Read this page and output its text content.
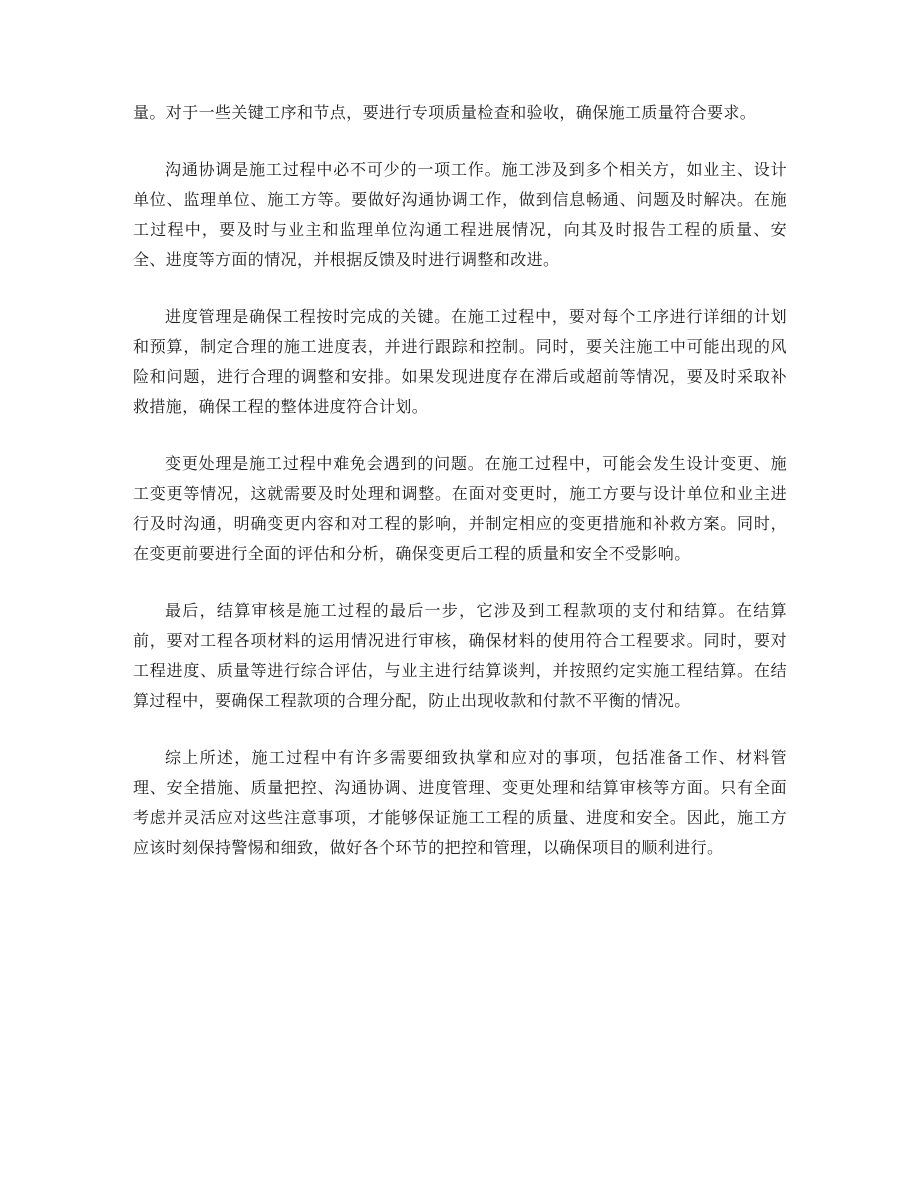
量。对于一些关键工序和节点，要进行专项质量检查和验收，确保施工质量符合要求。

沟通协调是施工过程中必不可少的一项工作。施工涉及到多个相关方，如业主、设计单位、监理单位、施工方等。要做好沟通协调工作，做到信息畅通、问题及时解决。在施工过程中，要及时与业主和监理单位沟通工程进展情况，向其及时报告工程的质量、安全、进度等方面的情况，并根据反馈及时进行调整和改进。

进度管理是确保工程按时完成的关键。在施工过程中，要对每个工序进行详细的计划和预算，制定合理的施工进度表，并进行跟踪和控制。同时，要关注施工中可能出现的风险和问题，进行合理的调整和安排。如果发现进度存在滞后或超前等情况，要及时采取补救措施，确保工程的整体进度符合计划。

变更处理是施工过程中难免会遇到的问题。在施工过程中，可能会发生设计变更、施工变更等情况，这就需要及时处理和调整。在面对变更时，施工方要与设计单位和业主进行及时沟通，明确变更内容和对工程的影响，并制定相应的变更措施和补救方案。同时，在变更前要进行全面的评估和分析，确保变更后工程的质量和安全不受影响。

最后，结算审核是施工过程的最后一步，它涉及到工程款项的支付和结算。在结算前，要对工程各项材料的运用情况进行审核，确保材料的使用符合工程要求。同时，要对工程进度、质量等进行综合评估，与业主进行结算谈判，并按照约定实施工程结算。在结算过程中，要确保工程款项的合理分配，防止出现收款和付款不平衡的情况。

综上所述，施工过程中有许多需要细致执掌和应对的事项，包括准备工作、材料管理、安全措施、质量把控、沟通协调、进度管理、变更处理和结算审核等方面。只有全面考虑并灵活应对这些注意事项，才能够保证施工工程的质量、进度和安全。因此，施工方应该时刻保持警惕和细致，做好各个环节的把控和管理，以确保项目的顺利进行。
